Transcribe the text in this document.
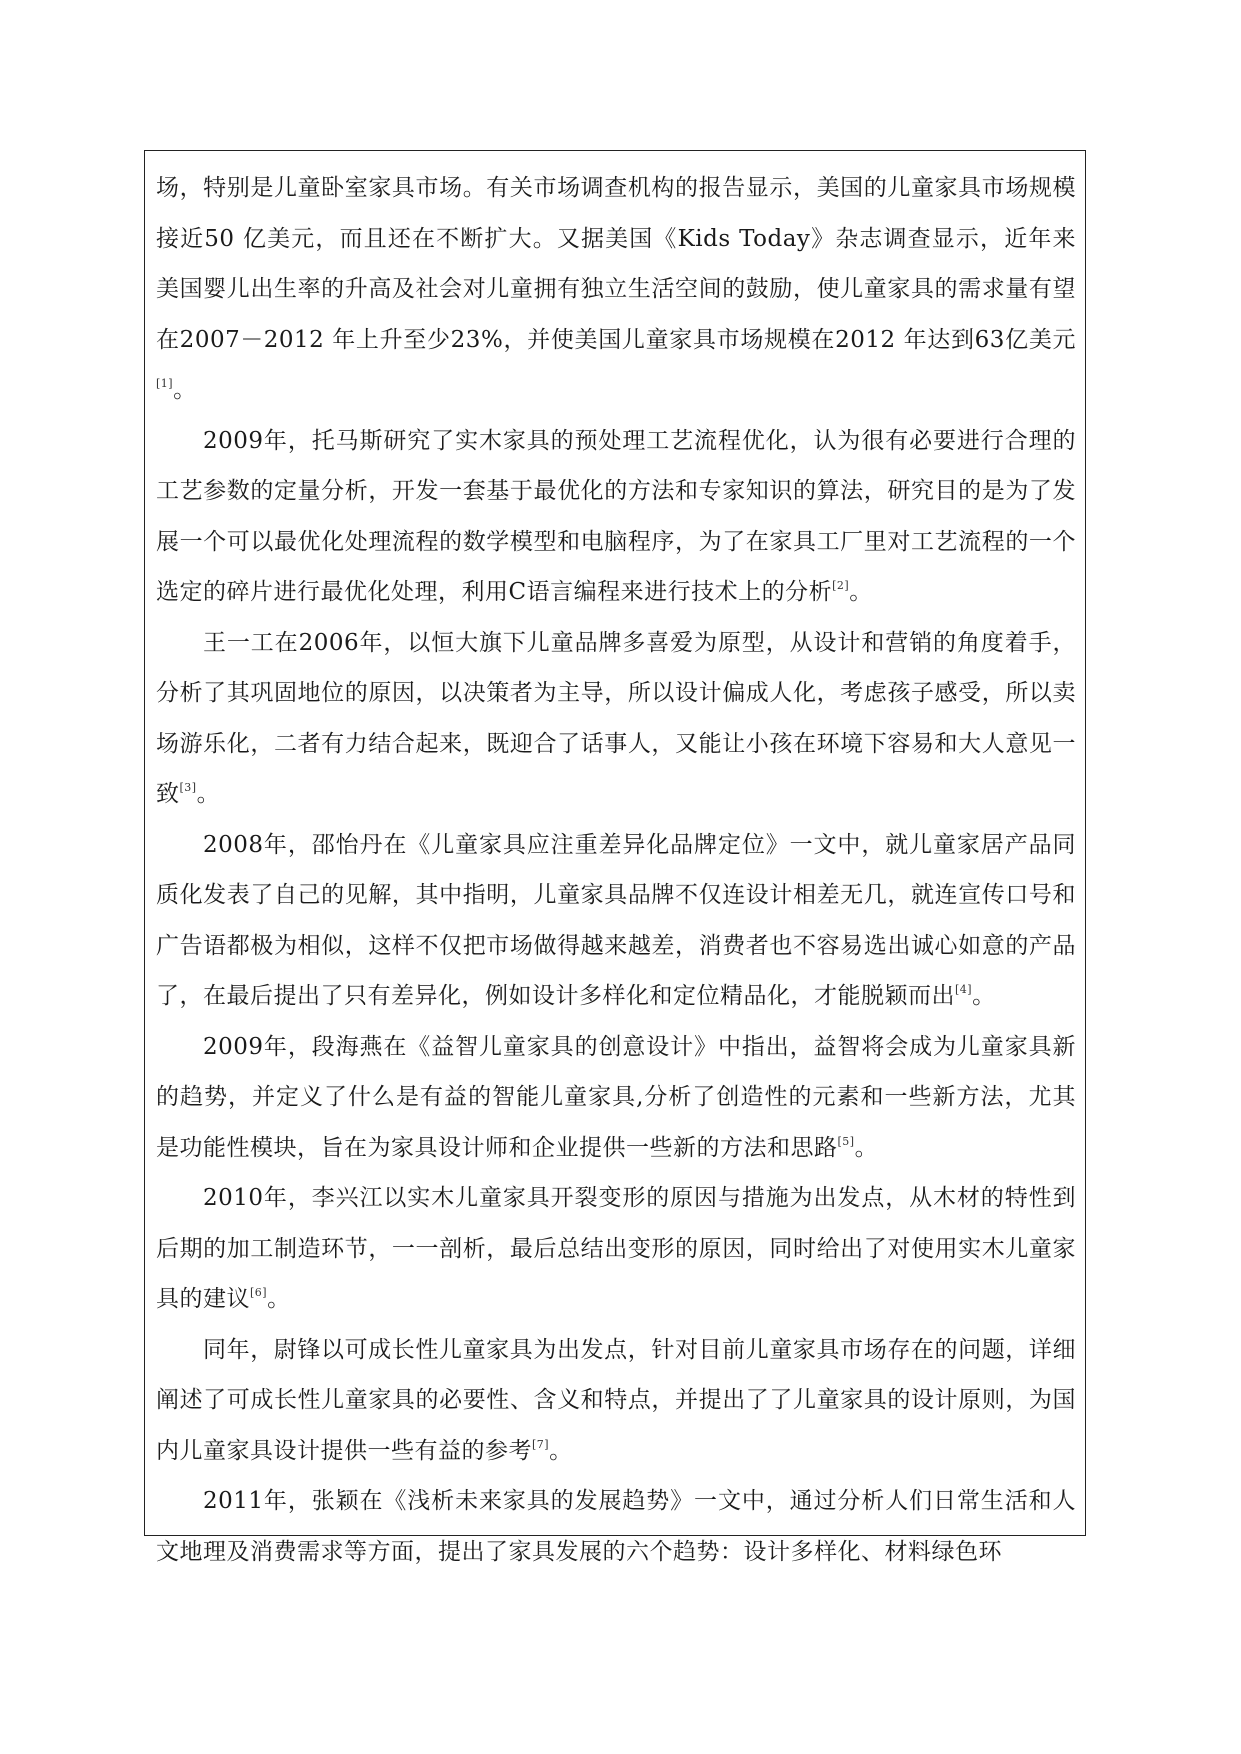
场，特别是儿童卧室家具市场。有关市场调查机构的报告显示，美国的儿童家具市场规模接近50 亿美元，而且还在不断扩大。又据美国《Kids Today》杂志调查显示，近年来美国婴儿出生率的升高及社会对儿童拥有独立生活空间的鼓励，使儿童家具的需求量有望在2007－2012 年上升至少23%，并使美国儿童家具市场规模在2012 年达到63亿美元[1]。

2009年，托马斯研究了实木家具的预处理工艺流程优化，认为很有必要进行合理的工艺参数的定量分析，开发一套基于最优化的方法和专家知识的算法，研究目的是为了发展一个可以最优化处理流程的数学模型和电脑程序，为了在家具工厂里对工艺流程的一个选定的碎片进行最优化处理，利用C语言编程来进行技术上的分析[2]。

王一工在2006年，以恒大旗下儿童品牌多喜爱为原型，从设计和营销的角度着手，分析了其巩固地位的原因，以决策者为主导，所以设计偏成人化，考虑孩子感受，所以卖场游乐化，二者有力结合起来，既迎合了话事人，又能让小孩在环境下容易和大人意见一致[3]。

2008年，邵怡丹在《儿童家具应注重差异化品牌定位》一文中，就儿童家居产品同质化发表了自己的见解，其中指明，儿童家具品牌不仅连设计相差无几，就连宣传口号和广告语都极为相似，这样不仅把市场做得越来越差，消费者也不容易选出诚心如意的产品了，在最后提出了只有差异化，例如设计多样化和定位精品化，才能脱颖而出[4]。

2009年，段海燕在《益智儿童家具的创意设计》中指出，益智将会成为儿童家具新的趋势，并定义了什么是有益的智能儿童家具,分析了创造性的元素和一些新方法，尤其是功能性模块，旨在为家具设计师和企业提供一些新的方法和思路[5]。

2010年，李兴江以实木儿童家具开裂变形的原因与措施为出发点，从木材的特性到后期的加工制造环节，一一剖析，最后总结出变形的原因，同时给出了对使用实木儿童家具的建议[6]。

同年，尉锋以可成长性儿童家具为出发点，针对目前儿童家具市场存在的问题，详细阐述了可成长性儿童家具的必要性、含义和特点，并提出了了儿童家具的设计原则，为国内儿童家具设计提供一些有益的参考[7]。

2011年，张颖在《浅析未来家具的发展趋势》一文中，通过分析人们日常生活和人文地理及消费需求等方面，提出了家具发展的六个趋势：设计多样化、材料绿色环
